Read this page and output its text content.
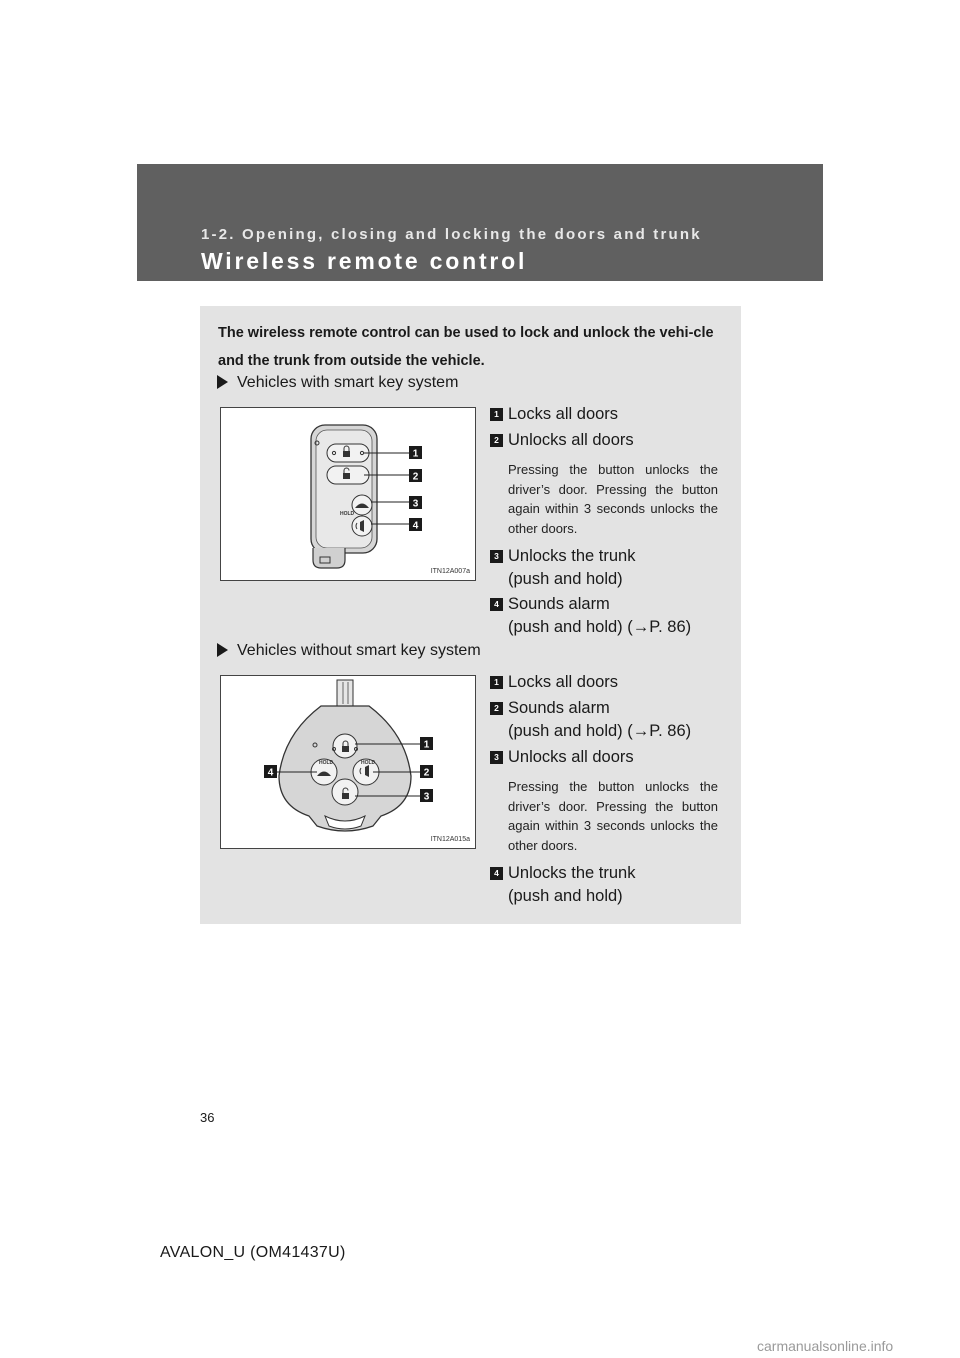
1-2. Opening, closing and locking the doors and trunk
Wireless remote control
The wireless remote control can be used to lock and unlock the vehi-cle and the trunk from outside the vehicle.
Vehicles with smart key system
HOLD
1
2
3
4
ITN12A007a
1 Locks all doors
2 Unlocks all doors
Pressing the button unlocks the driver’s door. Pressing the button again within 3 seconds unlocks the other doors.
3 Unlocks the trunk
(push and hold)
4 Sounds alarm
(push and hold) (→P. 86)
Vehicles without smart key system
HOLD	HOLD
1
2
3
4
ITN12A015a
1 Locks all doors
2 Sounds alarm
(push and hold) (→P. 86)
3 Unlocks all doors
Pressing the button unlocks the driver’s door. Pressing the button again within 3 seconds unlocks the other doors.
4 Unlocks the trunk
(push and hold)
36
AVALON_U (OM41437U)
carmanualsonline.info
